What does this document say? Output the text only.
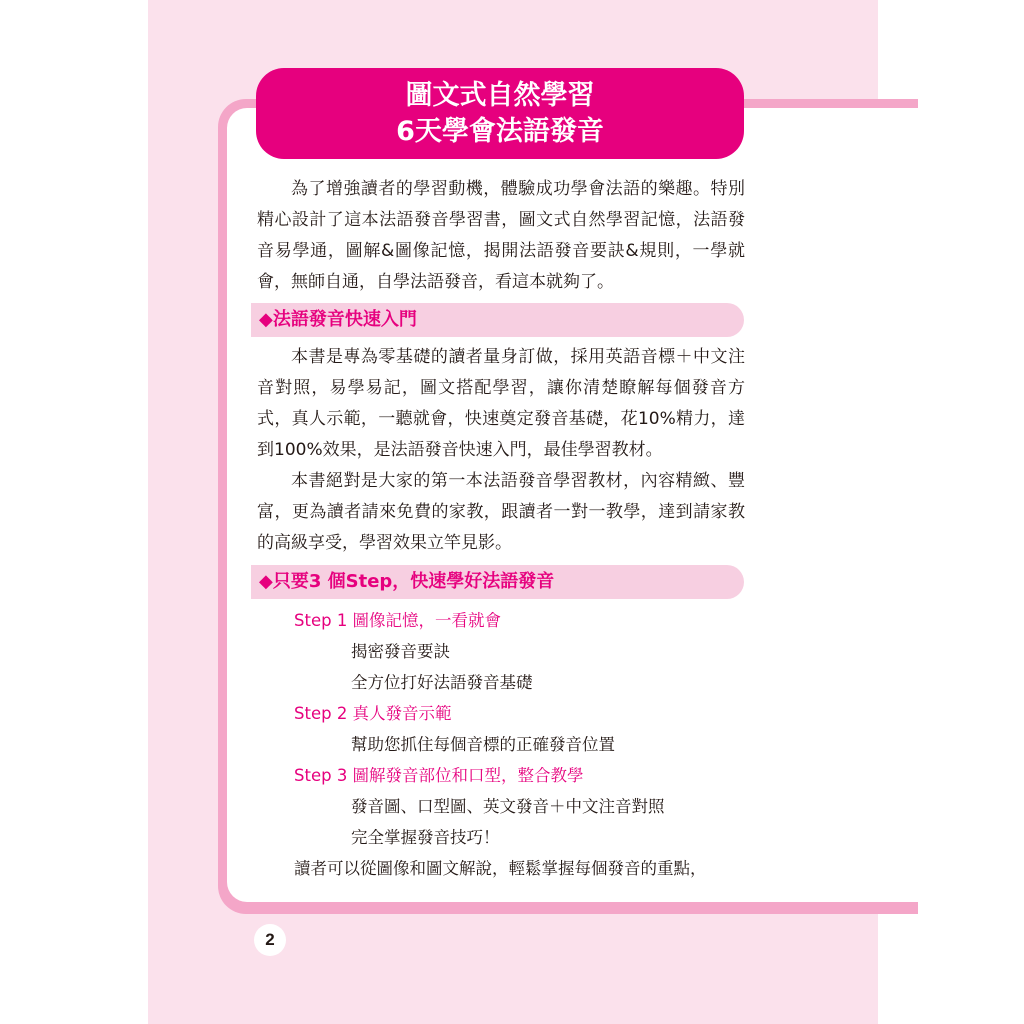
圖文式自然學習
6天學會法語發音

為了增強讀者的學習動機，體驗成功學會法語的樂趣。特別精心設計了這本法語發音學習書，圖文式自然學習記憶，法語發音易學通，圖解&圖像記憶，揭開法語發音要訣&規則，一學就會，無師自通，自學法語發音，看這本就夠了。

◆法語發音快速入門

本書是專為零基礎的讀者量身訂做，採用英語音標＋中文注音對照，易學易記，圖文搭配學習，讓你清楚瞭解每個發音方式，真人示範，一聽就會，快速奠定發音基礎，花10%精力，達到100%效果，是法語發音快速入門，最佳學習教材。

本書絕對是大家的第一本法語發音學習教材，內容精緻、豐富，更為讀者請來免費的家教，跟讀者一對一教學，達到請家教的高級享受，學習效果立竿見影。

◆只要3 個Step，快速學好法語發音
Step 1 圖像記憶，一看就會
揭密發音要訣
全方位打好法語發音基礎
Step 2 真人發音示範
幫助您抓住每個音標的正確發音位置
Step 3 圖解發音部位和口型，整合教學
發音圖、口型圖、英文發音＋中文注音對照
完全掌握發音技巧！
讀者可以從圖像和圖文解說，輕鬆掌握每個發音的重點，
2
